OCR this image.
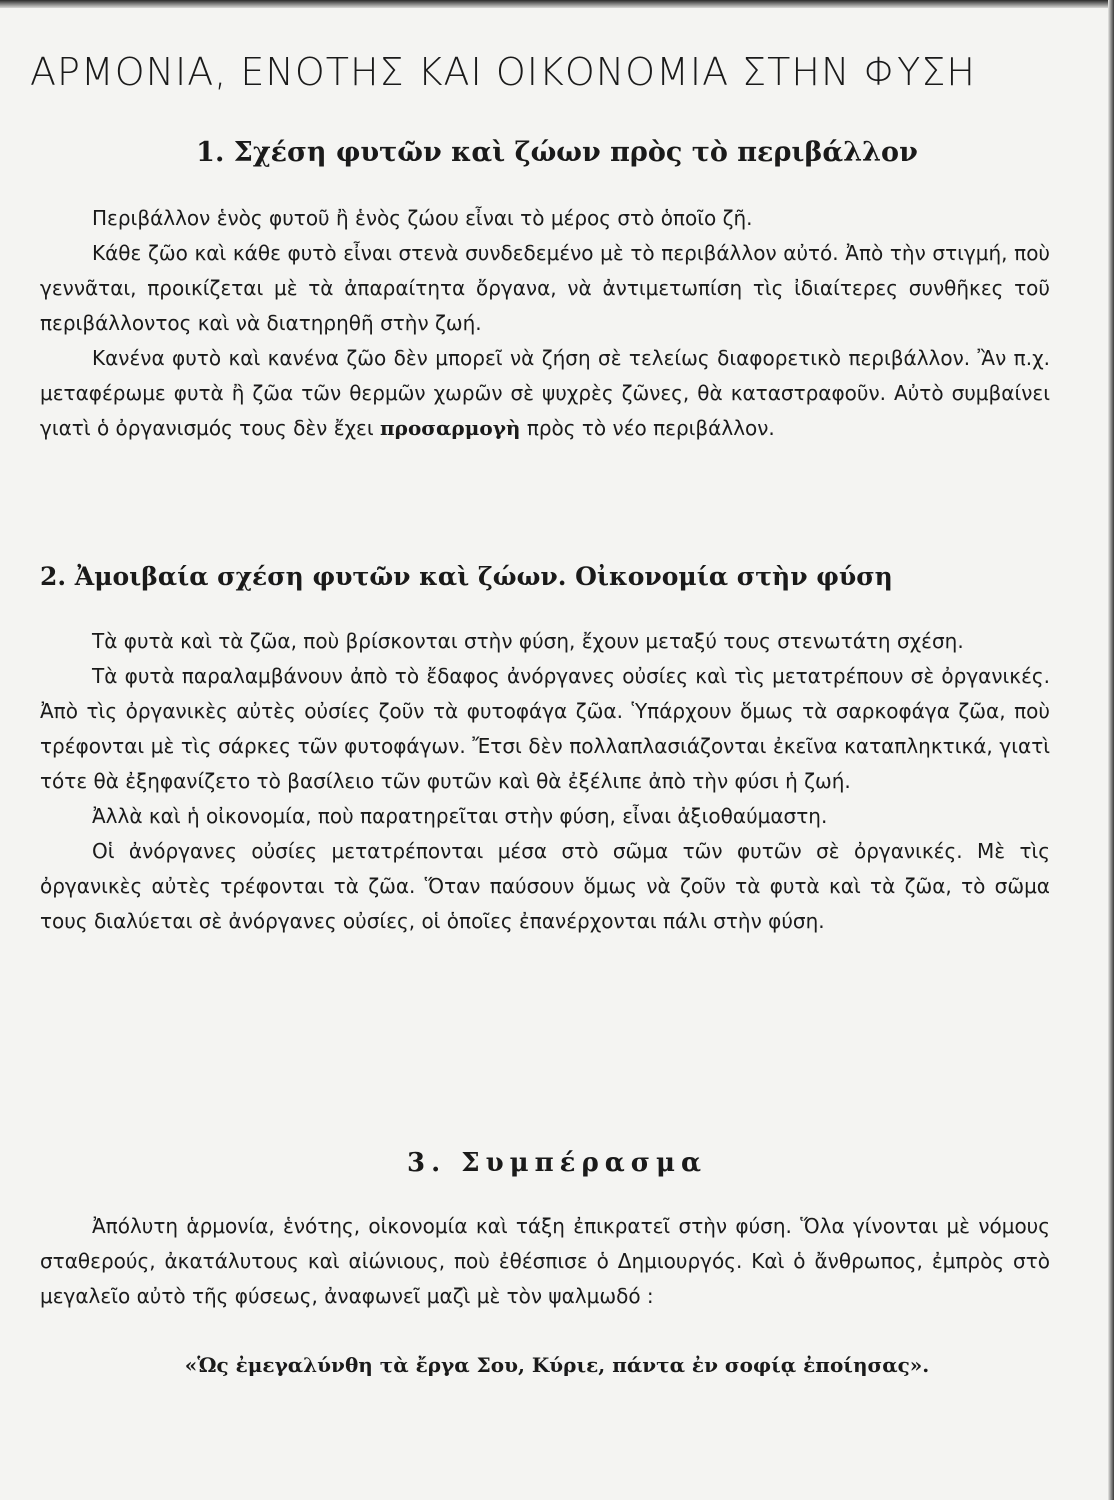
ΑΡΜΟΝΙΑ, ΕΝΟΤΗΣ ΚΑΙ ΟΙΚΟΝΟΜΙΑ ΣΤΗΝ ΦΥΣΗ
1. Σχέση φυτῶν καὶ ζώων πρὸς τὸ περιβάλλον

Περιβάλλον ἑνὸς φυτοῦ ἢ ἑνὸς ζώου εἶναι τὸ μέρος στὸ ὁποῖο ζῆ.

Κάθε ζῶο καὶ κάθε φυτὸ εἶναι στενὰ συνδεδεμένο μὲ τὸ περιβάλλον αὐτό. Ἀπὸ τὴν στιγμή, ποὺ γεννᾶται, προικίζεται μὲ τὰ ἀπαραίτητα ὄργανα, νὰ ἀντιμετωπίση τὶς ἰδιαίτερες συνθῆκες τοῦ περιβάλλοντος καὶ νὰ διατηρηθῆ στὴν ζωή.

Κανένα φυτὸ καὶ κανένα ζῶο δὲν μπορεῖ νὰ ζήση σὲ τελείως διαφορετικὸ περιβάλλον. Ἂν π.χ. μεταφέρωμε φυτὰ ἢ ζῶα τῶν θερμῶν χωρῶν σὲ ψυχρὲς ζῶνες, θὰ καταστραφοῦν. Αὐτὸ συμβαίνει γιατὶ ὁ ὀργανισμός τους δὲν ἔχει προσαρμογὴ πρὸς τὸ νέο περιβάλλον.

2. Ἀμοιβαία σχέση φυτῶν καὶ ζώων. Οἰκονομία στὴν φύση

Τὰ φυτὰ καὶ τὰ ζῶα, ποὺ βρίσκονται στὴν φύση, ἔχουν μεταξύ τους στενωτάτη σχέση.

Τὰ φυτὰ παραλαμβάνουν ἀπὸ τὸ ἔδαφος ἀνόργανες οὐσίες καὶ τὶς μετατρέπουν σὲ ὀργανικές. Ἀπὸ τὶς ὀργανικὲς αὐτὲς οὐσίες ζοῦν τὰ φυτοφάγα ζῶα. Ὑπάρχουν ὅμως τὰ σαρκοφάγα ζῶα, ποὺ τρέφονται μὲ τὶς σάρκες τῶν φυτοφάγων. Ἔτσι δὲν πολλαπλασιάζονται ἐκεῖνα καταπληκτικά, γιατὶ τότε θὰ ἐξηφανίζετο τὸ βασίλειο τῶν φυτῶν καὶ θὰ ἐξέλιπε ἀπὸ τὴν φύσι ἡ ζωή.

Ἀλλὰ καὶ ἡ οἰκονομία, ποὺ παρατηρεῖται στὴν φύση, εἶναι ἀξιοθαύμαστη.

Οἱ ἀνόργανες οὐσίες μετατρέπονται μέσα στὸ σῶμα τῶν φυτῶν σὲ ὀργανικές. Μὲ τὶς ὀργανικὲς αὐτὲς τρέφονται τὰ ζῶα. Ὅταν παύσουν ὅμως νὰ ζοῦν τὰ φυτὰ καὶ τὰ ζῶα, τὸ σῶμα τους διαλύεται σὲ ἀνόργανες οὐσίες, οἱ ὁποῖες ἐπανέρχονται πάλι στὴν φύση.

3. Συμπέρασμα

Ἀπόλυτη ἁρμονία, ἑνότης, οἰκονομία καὶ τάξη ἐπικρατεῖ στὴν φύση. Ὅλα γίνονται μὲ νόμους σταθερούς, ἀκατάλυτους καὶ αἰώνιους, ποὺ ἐθέσπισε ὁ Δημιουργός. Καὶ ὁ ἄνθρωπος, ἐμπρὸς στὸ μεγαλεῖο αὐτὸ τῆς φύσεως, ἀναφωνεῖ μαζὶ μὲ τὸν ψαλμωδό :

«Ὡς ἐμεγαλύνθη τὰ ἔργα Σου, Κύριε, πάντα ἐν σοφίᾳ ἐποίησας».
